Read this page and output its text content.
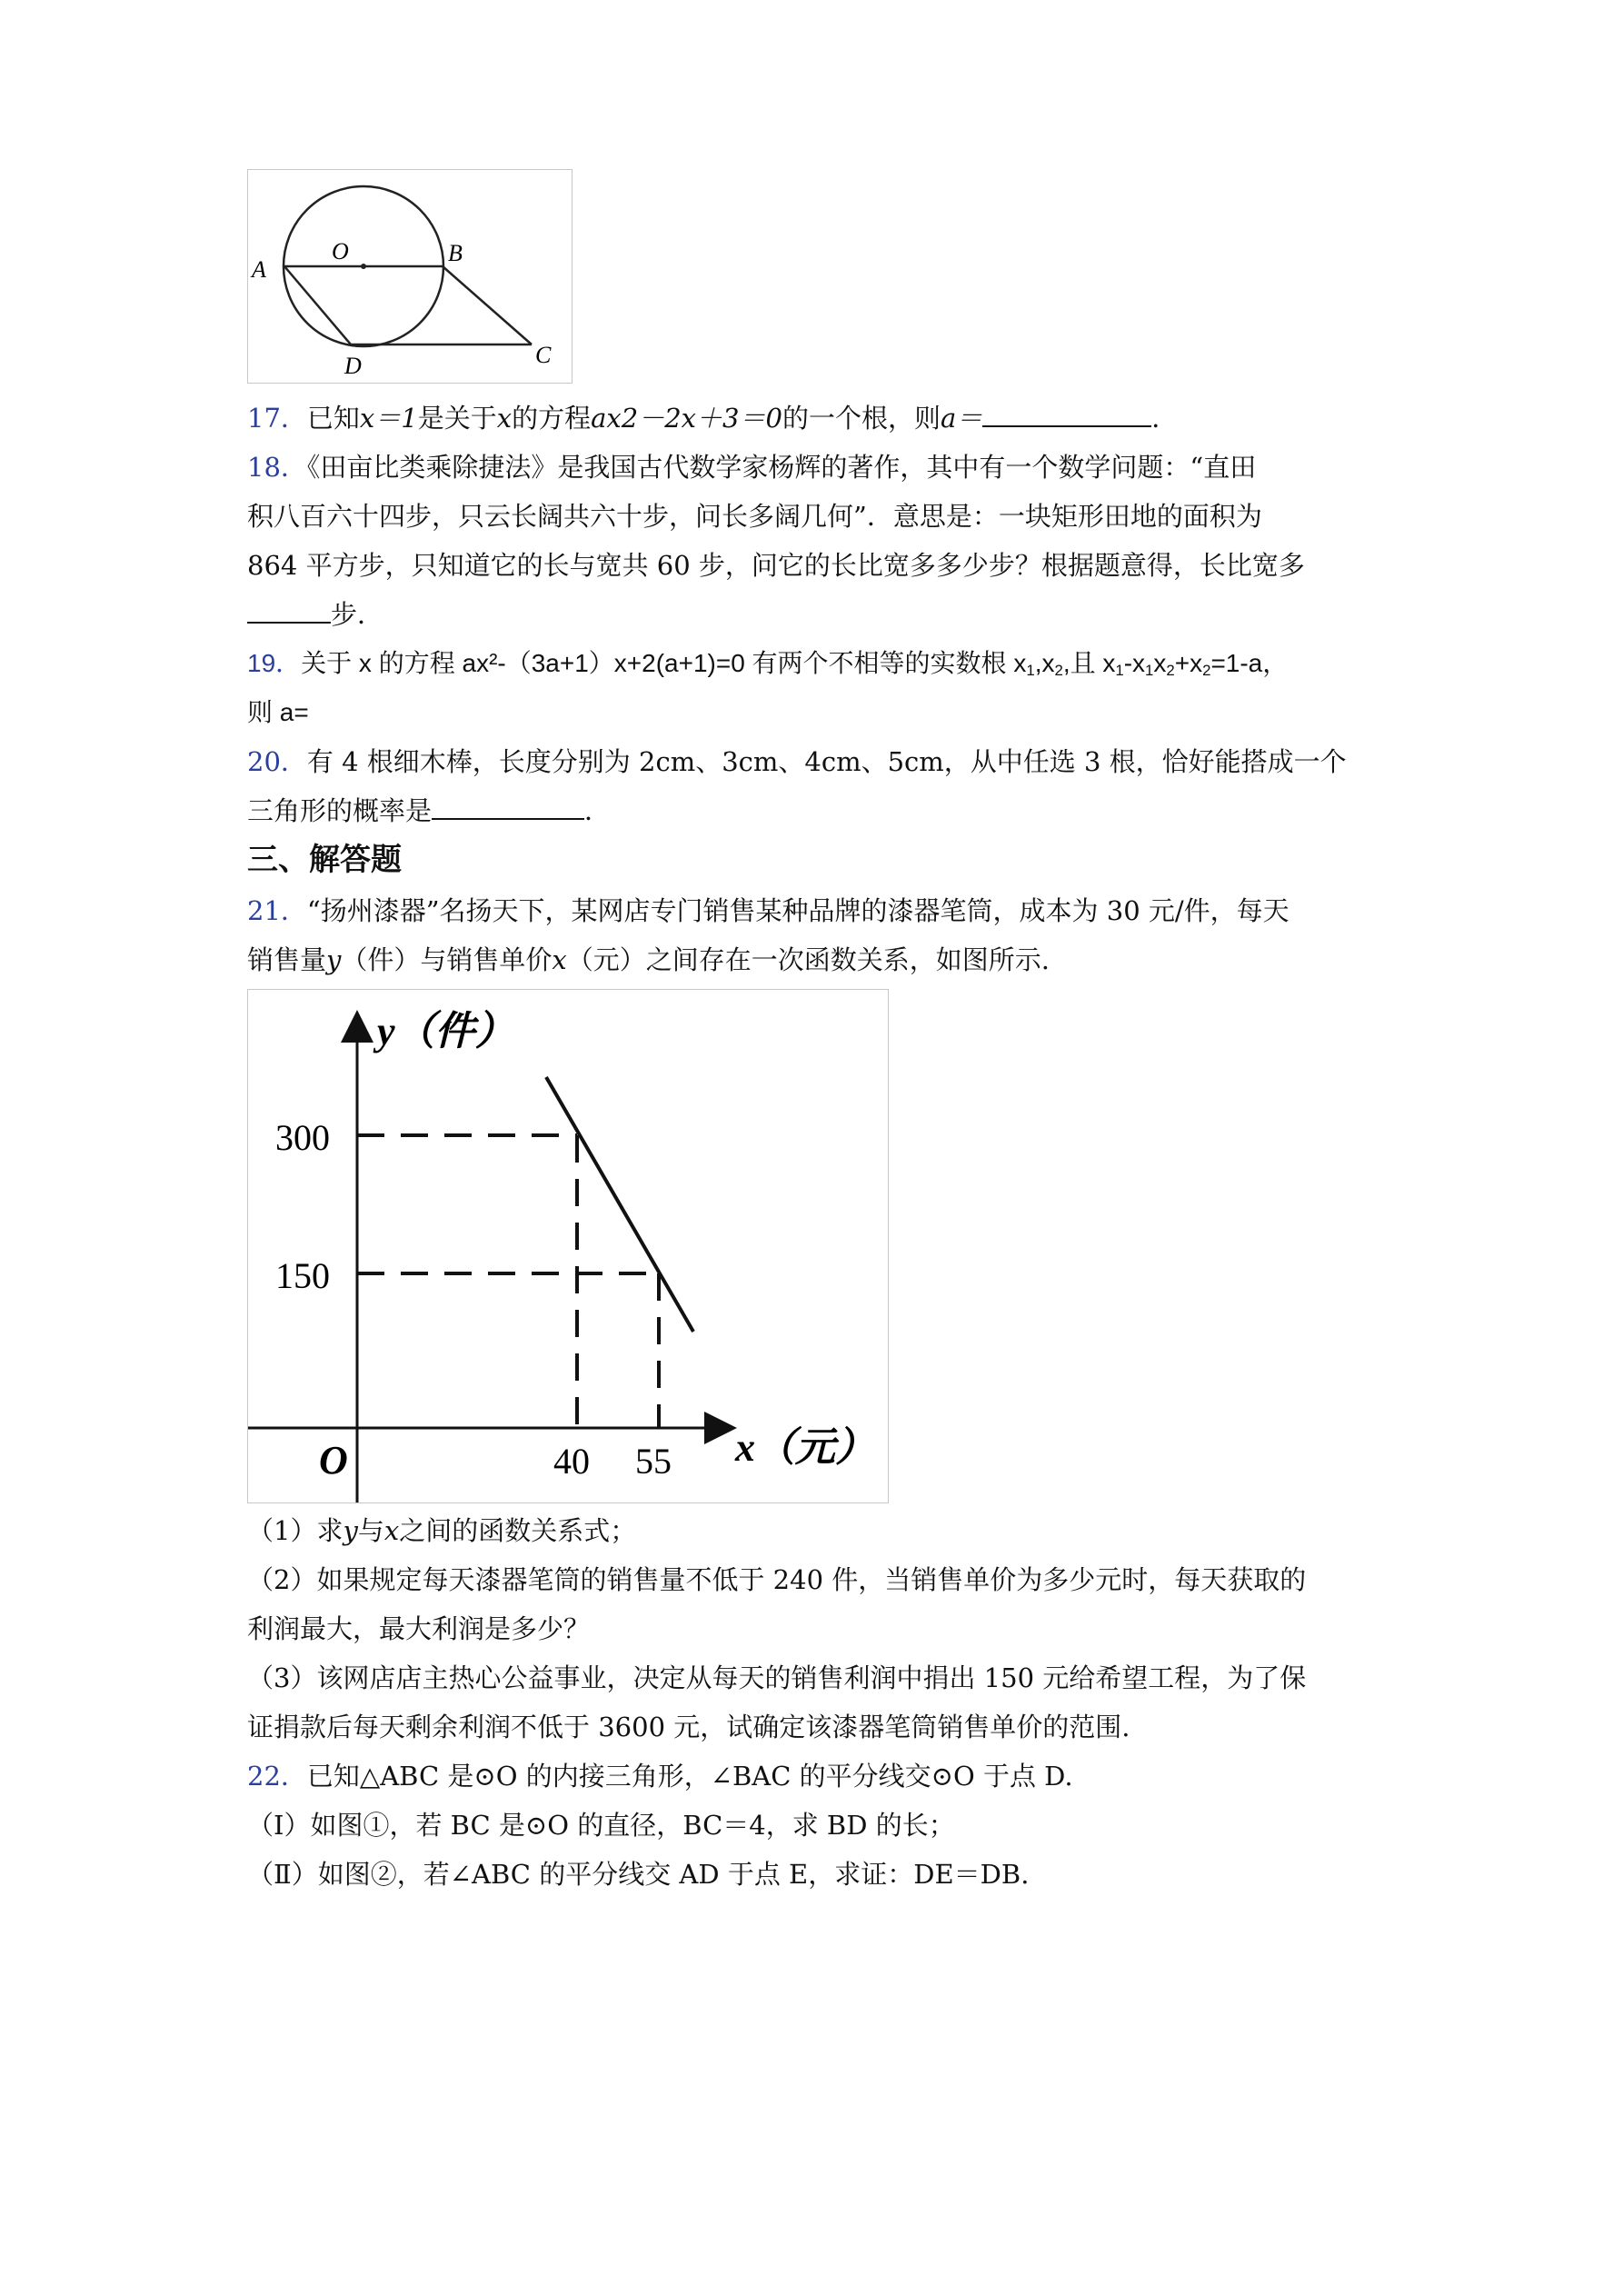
A
O	B
C
D
17．已知x＝1是关于x的方程ax2－2x＋3＝0的一个根，则a＝	．
18．《田亩比类乘除捷法》是我国古代数学家杨辉的著作，其中有一个数学问题：“直田
积八百六十四步，只云长阔共六十步，问长多阔几何”．意思是：一块矩形田地的面积为
864 平方步，只知道它的长与宽共 60 步，问它的长比宽多多少步？根据题意得，长比宽多
步．
19．关于 x 的方程 ax²-（3a+1）x+2(a+1)=0 有两个不相等的实数根 $x_1,x_2$,且 $x_1-x_1x_2+x_2=1-a$，
则 a=
20．有 4 根细木棒，长度分别为 2cm、3cm、4cm、5cm，从中任选 3 根，恰好能搭成一个
三角形的概率是	．
三、解答题
21．“扬州漆器”名扬天下，某网店专门销售某种品牌的漆器笔筒，成本为 30 元/件，每天
销售量y（件）与销售单价x（元）之间存在一次函数关系，如图所示.
y（件）
300
150
O	40 55 x（元）
（1）求y与x之间的函数关系式；
（2）如果规定每天漆器笔筒的销售量不低于 240 件，当销售单价为多少元时，每天获取的
利润最大，最大利润是多少？
（3）该网店店主热心公益事业，决定从每天的销售利润中捐出 150 元给希望工程，为了保
证捐款后每天剩余利润不低于 3600 元，试确定该漆器笔筒销售单价的范围.
22．已知△ABC 是⊙O 的内接三角形，∠BAC 的平分线交⊙O 于点 D.
（Ⅰ）如图①，若 BC 是⊙O 的直径，BC＝4，求 BD 的长；
（Ⅱ）如图②，若∠ABC 的平分线交 AD 于点 E，求证：DE＝DB.
